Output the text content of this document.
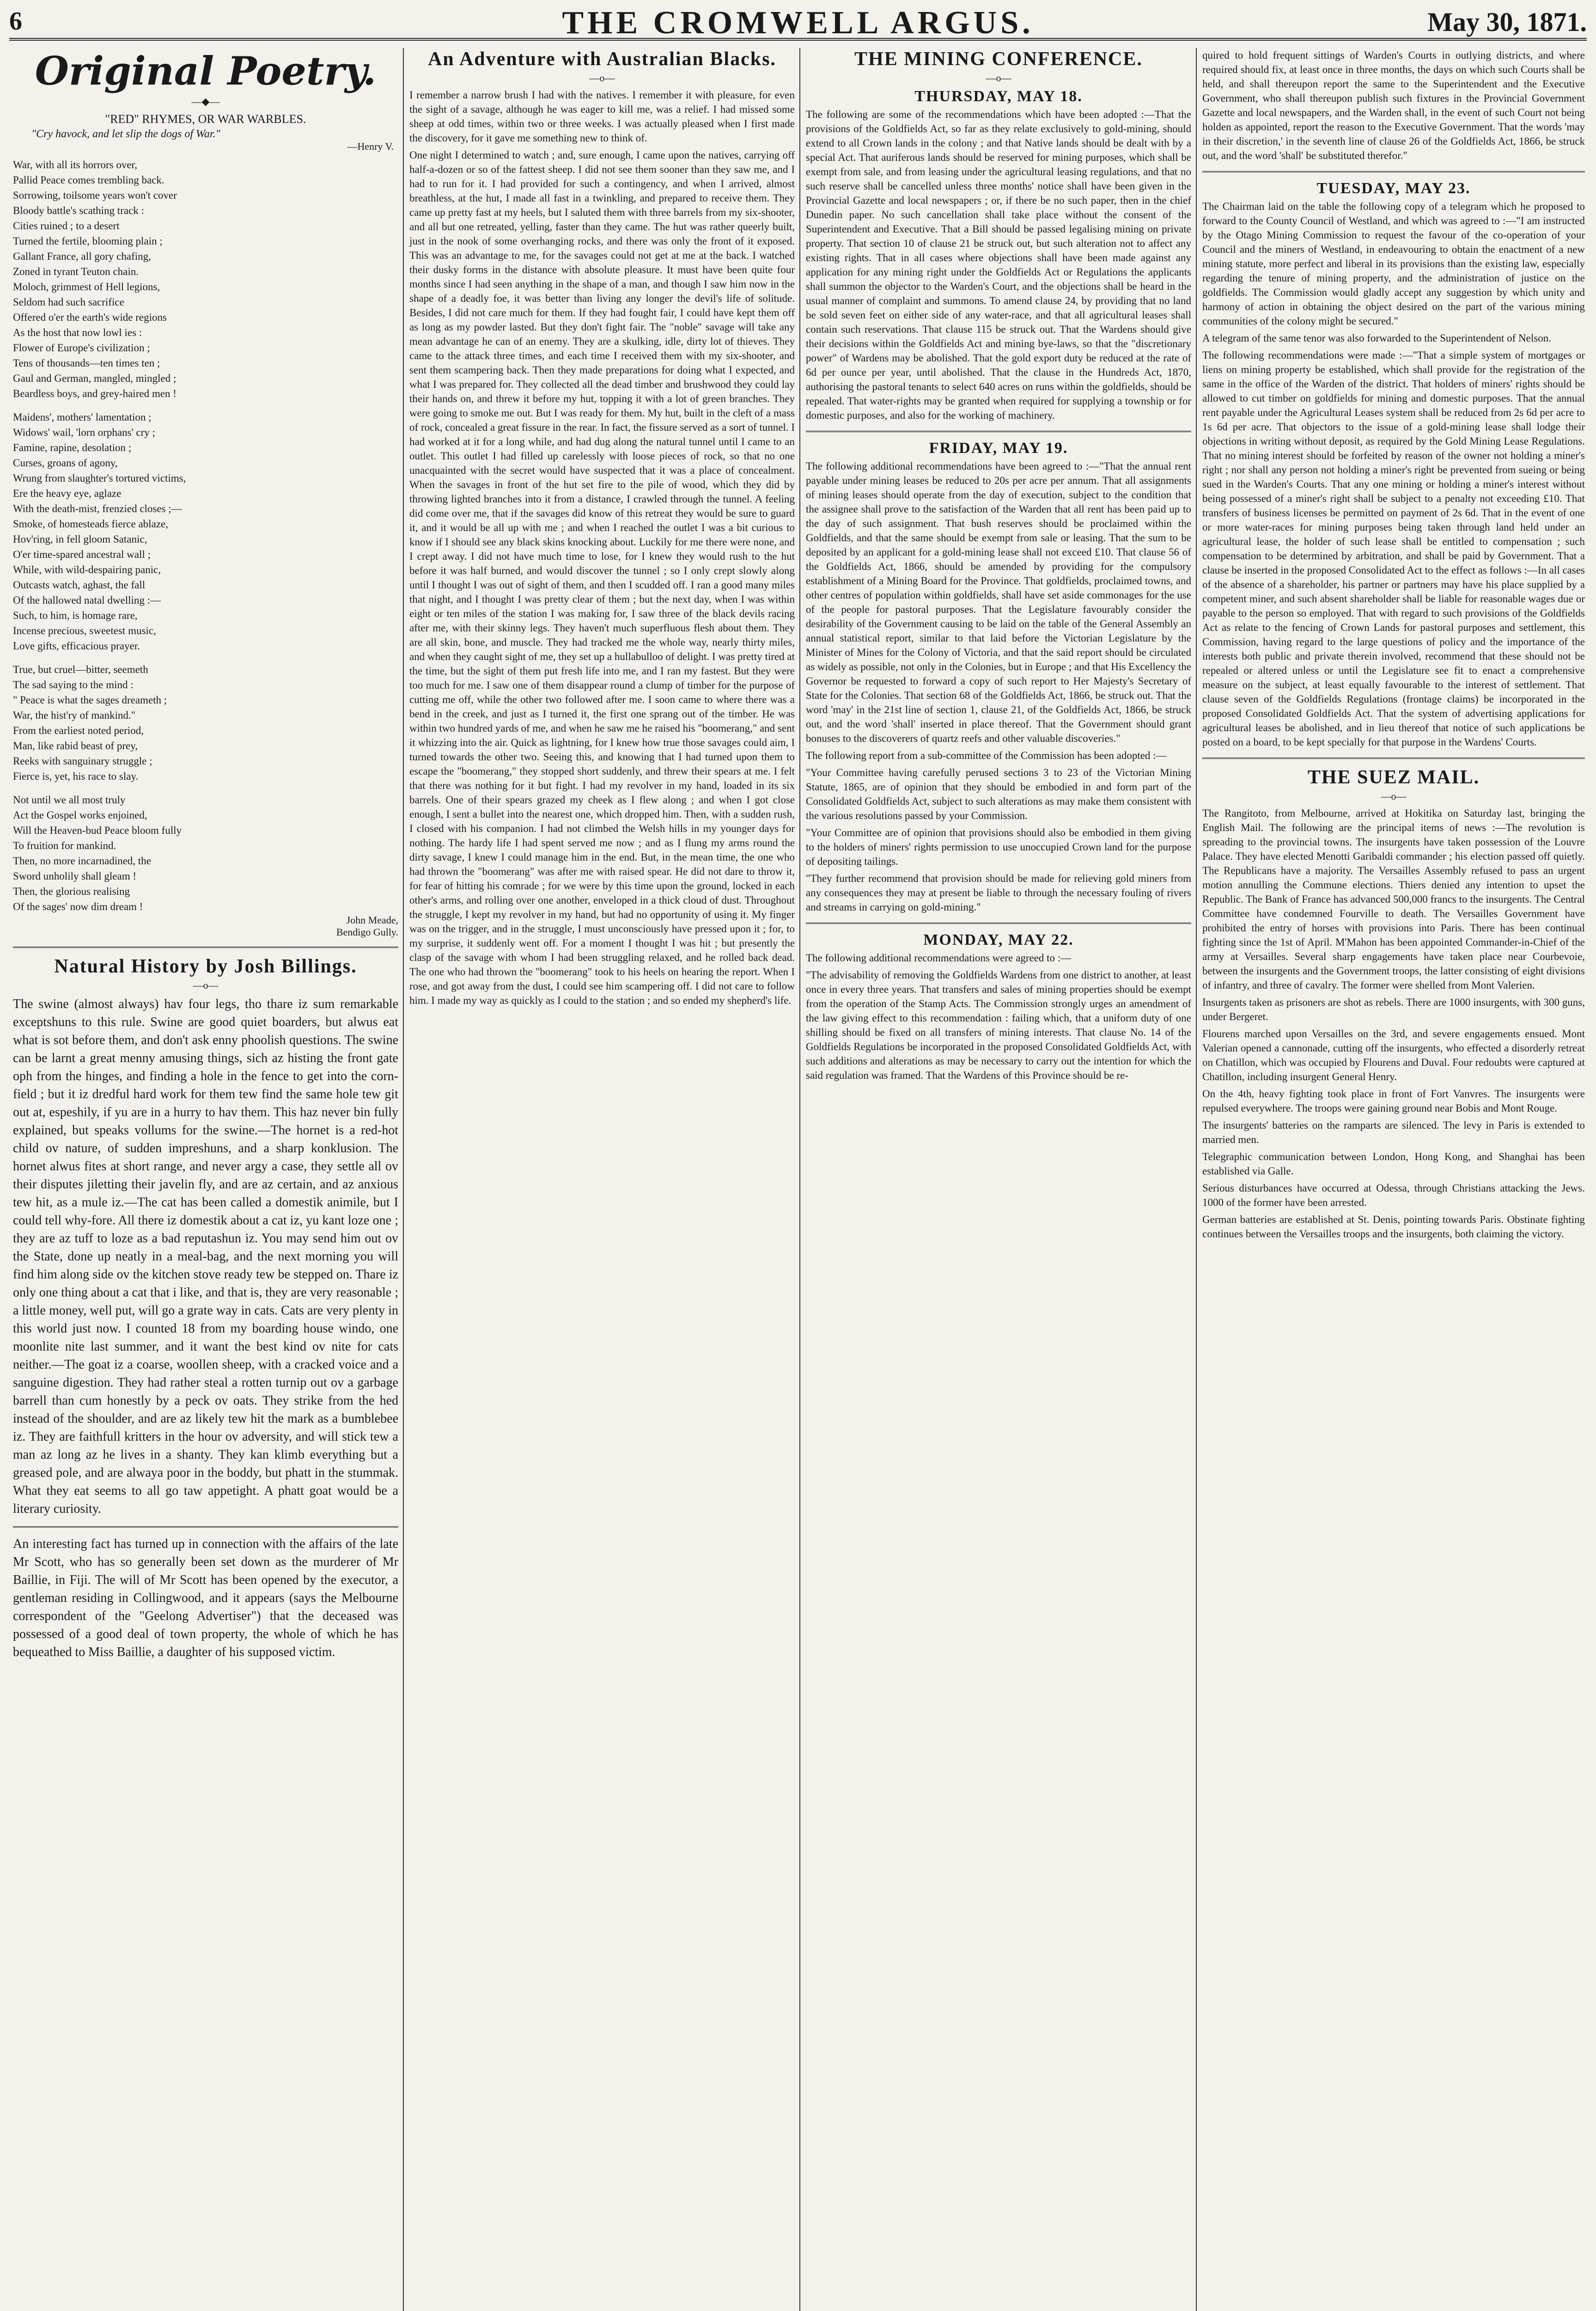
6	THE CROMWELL ARGUS.	May 30, 1871.
Original Poetry.
—◆—
"RED" RHYMES, OR WAR WARBLES.
"Cry havock, and let slip the dogs of War."
—Henry V.
War, with all its horrors over,
Pallid Peace comes trembling back.
Sorrowing, toilsome years won't cover
Bloody battle's scathing track :
Cities ruined ; to a desert
Turned the fertile, blooming plain ;
Gallant France, all gory chafing,
Zoned in tyrant Teuton chain.
Moloch, grimmest of Hell legions,
Seldom had such sacrifice
Offered o'er the earth's wide regions
As the host that now lowl ies :
Flower of Europe's civilization ;
Tens of thousands—ten times ten ;
Gaul and German, mangled, mingled ;
Beardless boys, and grey-haired men !
Maidens', mothers' lamentation ;
Widows' wail, 'lorn orphans' cry ;
Famine, rapine, desolation ;
Curses, groans of agony,
Wrung from slaughter's tortured victims,
Ere the heavy eye, aglaze
With the death-mist, frenzied closes ;—
Smoke, of homesteads fierce ablaze,
Hov'ring, in fell gloom Satanic,
O'er time-spared ancestral wall ;
While, with wild-despairing panic,
Outcasts watch, aghast, the fall
Of the hallowed natal dwelling :—
Such, to him, is homage rare,
Incense precious, sweetest music,
Love gifts, efficacious prayer.
True, but cruel—bitter, seemeth
The sad saying to the mind :
" Peace is what the sages dreameth ;
War, the hist'ry of mankind."
From the earliest noted period,
Man, like rabid beast of prey,
Reeks with sanguinary struggle ;
Fierce is, yet, his race to slay.
Not until we all most truly
Act the Gospel works enjoined,
Will the Heaven-bud Peace bloom fully
To fruition for mankind.
Then, no more incarnadined, the
Sword unholily shall gleam !
Then, the glorious realising
Of the sages' now dim dream !
John Meade,
Bendigo Gully.
Natural History by Josh Billings.
—o—

The swine (almost always) hav four legs, tho thare iz sum remarkable exceptshuns to this rule. Swine are good quiet boarders, but alwus eat what is sot before them, and don't ask enny phoolish questions. The swine can be larnt a great menny amusing things, sich az histing the front gate oph from the hinges, and finding a hole in the fence to get into the corn-field ; but it iz dredful hard work for them tew find the same hole tew git out at, espeshily, if yu are in a hurry to hav them. This haz never bin fully explained, but speaks vollums for the swine.—The hornet is a red-hot child ov nature, of sudden impreshuns, and a sharp konklusion. The hornet alwus fites at short range, and never argy a case, they settle all ov their disputes jiletting their javelin fly, and are az certain, and az anxious tew hit, as a mule iz.—The cat has been called a domestik animile, but I could tell why-fore. All there iz domestik about a cat iz, yu kant loze one ; they are az tuff to loze as a bad reputashun iz. You may send him out ov the State, done up neatly in a meal-bag, and the next morning you will find him along side ov the kitchen stove ready tew be stepped on. Thare iz only one thing about a cat that i like, and that is, they are very reasonable ; a little money, well put, will go a grate way in cats. Cats are very plenty in this world just now. I counted 18 from my boarding house windo, one moonlite nite last summer, and it want the best kind ov nite for cats neither.—The goat iz a coarse, woollen sheep, with a cracked voice and a sanguine digestion. They had rather steal a rotten turnip out ov a garbage barrell than cum honestly by a peck ov oats. They strike from the hed instead of the shoulder, and are az likely tew hit the mark as a bumblebee iz. They are faithfull kritters in the hour ov adversity, and will stick tew a man az long az he lives in a shanty. They kan klimb everything but a greased pole, and are alwaya poor in the boddy, but phatt in the stummak. What they eat seems to all go taw appetight. A phatt goat would be a literary curiosity.

An interesting fact has turned up in connection with the affairs of the late Mr Scott, who has so generally been set down as the murderer of Mr Baillie, in Fiji. The will of Mr Scott has been opened by the executor, a gentleman residing in Collingwood, and it appears (says the Melbourne correspondent of the "Geelong Advertiser") that the deceased was possessed of a good deal of town property, the whole of which he has bequeathed to Miss Baillie, a daughter of his supposed victim.

An Adventure with Australian Blacks.
—o—

I remember a narrow brush I had with the natives. I remember it with pleasure, for even the sight of a savage, although he was eager to kill me, was a relief. I had missed some sheep at odd times, within two or three weeks. I was actually pleased when I first made the discovery, for it gave me something new to think of.

One night I determined to watch ; and, sure enough, I came upon the natives, carrying off half-a-dozen or so of the fattest sheep. I did not see them sooner than they saw me, and I had to run for it. I had provided for such a contingency, and when I arrived, almost breathless, at the hut, I made all fast in a twinkling, and prepared to receive them. They came up pretty fast at my heels, but I saluted them with three barrels from my six-shooter, and all but one retreated, yelling, faster than they came. The hut was rather queerly built, just in the nook of some overhanging rocks, and there was only the front of it exposed. This was an advantage to me, for the savages could not get at me at the back. I watched their dusky forms in the distance with absolute pleasure. It must have been quite four months since I had seen anything in the shape of a man, and though I saw him now in the shape of a deadly foe, it was better than living any longer the devil's life of solitude. Besides, I did not care much for them. If they had fought fair, I could have kept them off as long as my powder lasted. But they don't fight fair. The "noble" savage will take any mean advantage he can of an enemy. They are a skulking, idle, dirty lot of thieves. They came to the attack three times, and each time I received them with my six-shooter, and sent them scampering back. Then they made preparations for doing what I expected, and what I was prepared for. They collected all the dead timber and brushwood they could lay their hands on, and threw it before my hut, topping it with a lot of green branches. They were going to smoke me out. But I was ready for them. My hut, built in the cleft of a mass of rock, concealed a great fissure in the rear. In fact, the fissure served as a sort of tunnel. I had worked at it for a long while, and had dug along the natural tunnel until I came to an outlet. This outlet I had filled up carelessly with loose pieces of rock, so that no one unacquainted with the secret would have suspected that it was a place of concealment. When the savages in front of the hut set fire to the pile of wood, which they did by throwing lighted branches into it from a distance, I crawled through the tunnel. A feeling did come over me, that if the savages did know of this retreat they would be sure to guard it, and it would be all up with me ; and when I reached the outlet I was a bit curious to know if I should see any black skins knocking about. Luckily for me there were none, and I crept away. I did not have much time to lose, for I knew they would rush to the hut before it was half burned, and would discover the tunnel ; so I only crept slowly along until I thought I was out of sight of them, and then I scudded off. I ran a good many miles that night, and I thought I was pretty clear of them ; but the next day, when I was within eight or ten miles of the station I was making for, I saw three of the black devils racing after me, with their skinny legs. They haven't much superfluous flesh about them. They are all skin, bone, and muscle. They had tracked me the whole way, nearly thirty miles, and when they caught sight of me, they set up a hullabulloo of delight. I was pretty tired at the time, but the sight of them put fresh life into me, and I ran my fastest. But they were too much for me. I saw one of them disappear round a clump of timber for the purpose of cutting me off, while the other two followed after me. I soon came to where there was a bend in the creek, and just as I turned it, the first one sprang out of the timber. He was within two hundred yards of me, and when he saw me he raised his "boomerang," and sent it whizzing into the air. Quick as lightning, for I knew how true those savages could aim, I turned towards the other two. Seeing this, and knowing that I had turned upon them to escape the "boomerang," they stopped short suddenly, and threw their spears at me. I felt that there was nothing for it but fight. I had my revolver in my hand, loaded in its six barrels. One of their spears grazed my cheek as I flew along ; and when I got close enough, I sent a bullet into the nearest one, which dropped him. Then, with a sudden rush, I closed with his companion. I had not climbed the Welsh hills in my younger days for nothing. The hardy life I had spent served me now ; and as I flung my arms round the dirty savage, I knew I could manage him in the end. But, in the mean time, the one who had thrown the "boomerang" was after me with raised spear. He did not dare to throw it, for fear of hitting his comrade ; for we were by this time upon the ground, locked in each other's arms, and rolling over one another, enveloped in a thick cloud of dust. Throughout the struggle, I kept my revolver in my hand, but had no opportunity of using it. My finger was on the trigger, and in the struggle, I must unconsciously have pressed upon it ; for, to my surprise, it suddenly went off. For a moment I thought I was hit ; but presently the clasp of the savage with whom I had been struggling relaxed, and he rolled back dead. The one who had thrown the "boomerang" took to his heels on hearing the report. When I rose, and got away from the dust, I could see him scampering off. I did not care to follow him. I made my way as quickly as I could to the station ; and so ended my shepherd's life.

THE MINING CONFERENCE.
—o—
THURSDAY, MAY 18.

The following are some of the recommendations which have been adopted :—That the provisions of the Goldfields Act, so far as they relate exclusively to gold-mining, should extend to all Crown lands in the colony ; and that Native lands should be dealt with by a special Act. That auriferous lands should be reserved for mining purposes, which shall be exempt from sale, and from leasing under the agricultural leasing regulations, and that no such reserve shall be cancelled unless three months' notice shall have been given in the Provincial Gazette and local newspapers ; or, if there be no such paper, then in the chief Dunedin paper. No such cancellation shall take place without the consent of the Superintendent and Executive. That a Bill should be passed legalising mining on private property. That section 10 of clause 21 be struck out, but such alteration not to affect any existing rights. That in all cases where objections shall have been made against any application for any mining right under the Goldfields Act or Regulations the applicants shall summon the objector to the Warden's Court, and the objections shall be heard in the usual manner of complaint and summons. To amend clause 24, by providing that no land be sold seven feet on either side of any water-race, and that all agricultural leases shall contain such reservations. That clause 115 be struck out. That the Wardens should give their decisions within the Goldfields Act and mining bye-laws, so that the "discretionary power" of Wardens may be abolished. That the gold export duty be reduced at the rate of 6d per ounce per year, until abolished. That the clause in the Hundreds Act, 1870, authorising the pastoral tenants to select 640 acres on runs within the goldfields, should be repealed. That water-rights may be granted when required for supplying a township or for domestic purposes, and also for the working of machinery.

FRIDAY, MAY 19.

The following additional recommendations have been agreed to :—"That the annual rent payable under mining leases be reduced to 20s per acre per annum. That all assignments of mining leases should operate from the day of execution, subject to the condition that the assignee shall prove to the satisfaction of the Warden that all rent has been paid up to the day of such assignment. That bush reserves should be proclaimed within the Goldfields, and that the same should be exempt from sale or leasing. That the sum to be deposited by an applicant for a gold-mining lease shall not exceed £10. That clause 56 of the Goldfields Act, 1866, should be amended by providing for the compulsory establishment of a Mining Board for the Province. That goldfields, proclaimed towns, and other centres of population within goldfields, shall have set aside commonages for the use of the people for pastoral purposes. That the Legislature favourably consider the desirability of the Government causing to be laid on the table of the General Assembly an annual statistical report, similar to that laid before the Victorian Legislature by the Minister of Mines for the Colony of Victoria, and that the said report should be circulated as widely as possible, not only in the Colonies, but in Europe ; and that His Excellency the Governor be requested to forward a copy of such report to Her Majesty's Secretary of State for the Colonies. That section 68 of the Goldfields Act, 1866, be struck out. That the word 'may' in the 21st line of section 1, clause 21, of the Goldfields Act, 1866, be struck out, and the word 'shall' inserted in place thereof. That the Government should grant bonuses to the discoverers of quartz reefs and other valuable discoveries."

The following report from a sub-committee of the Commission has been adopted :—

"Your Committee having carefully perused sections 3 to 23 of the Victorian Mining Statute, 1865, are of opinion that they should be embodied in and form part of the Consolidated Goldfields Act, subject to such alterations as may make them consistent with the various resolutions passed by your Commission.

"Your Committee are of opinion that provisions should also be embodied in them giving to the holders of miners' rights permission to use unoccupied Crown land for the purpose of depositing tailings.

"They further recommend that provision should be made for relieving gold miners from any consequences they may at present be liable to through the necessary fouling of rivers and streams in carrying on gold-mining."

MONDAY, MAY 22.

The following additional recommendations were agreed to :—

"The advisability of removing the Goldfields Wardens from one district to another, at least once in every three years. That transfers and sales of mining properties should be exempt from the operation of the Stamp Acts. The Commission strongly urges an amendment of the law giving effect to this recommendation : failing which, that a uniform duty of one shilling should be fixed on all transfers of mining interests. That clause No. 14 of the Goldfields Regulations be incorporated in the proposed Consolidated Goldfields Act, with such additions and alterations as may be necessary to carry out the intention for which the said regulation was framed. That the Wardens of this Province should be re-

quired to hold frequent sittings of Warden's Courts in outlying districts, and where required should fix, at least once in three months, the days on which such Courts shall be held, and shall thereupon report the same to the Superintendent and the Executive Government, who shall thereupon publish such fixtures in the Provincial Government Gazette and local newspapers, and the Warden shall, in the event of such Court not being holden as appointed, report the reason to the Executive Government. That the words 'may in their discretion,' in the seventh line of clause 26 of the Goldfields Act, 1866, be struck out, and the word 'shall' be substituted therefor."

TUESDAY, MAY 23.

The Chairman laid on the table the following copy of a telegram which he proposed to forward to the County Council of Westland, and which was agreed to :—"I am instructed by the Otago Mining Commission to request the favour of the co-operation of your Council and the miners of Westland, in endeavouring to obtain the enactment of a new mining statute, more perfect and liberal in its provisions than the existing law, especially regarding the tenure of mining property, and the administration of justice on the goldfields. The Commission would gladly accept any suggestion by which unity and harmony of action in obtaining the object desired on the part of the various mining communities of the colony might be secured."

A telegram of the same tenor was also forwarded to the Superintendent of Nelson.

The following recommendations were made :—"That a simple system of mortgages or liens on mining property be established, which shall provide for the registration of the same in the office of the Warden of the district. That holders of miners' rights should be allowed to cut timber on goldfields for mining and domestic purposes. That the annual rent payable under the Agricultural Leases system shall be reduced from 2s 6d per acre to 1s 6d per acre. That objectors to the issue of a gold-mining lease shall lodge their objections in writing without deposit, as required by the Gold Mining Lease Regulations. That no mining interest should be forfeited by reason of the owner not holding a miner's right ; nor shall any person not holding a miner's right be prevented from sueing or being sued in the Warden's Courts. That any one mining or holding a miner's interest without being possessed of a miner's right shall be subject to a penalty not exceeding £10. That transfers of business licenses be permitted on payment of 2s 6d. That in the event of one or more water-races for mining purposes being taken through land held under an agricultural lease, the holder of such lease shall be entitled to compensation ; such compensation to be determined by arbitration, and shall be paid by Government. That a clause be inserted in the proposed Consolidated Act to the effect as follows :—In all cases of the absence of a shareholder, his partner or partners may have his place supplied by a competent miner, and such absent shareholder shall be liable for reasonable wages due or payable to the person so employed. That with regard to such provisions of the Goldfields Act as relate to the fencing of Crown Lands for pastoral purposes and settlement, this Commission, having regard to the large questions of policy and the importance of the interests both public and private therein involved, recommend that these should not be repealed or altered unless or until the Legislature see fit to enact a comprehensive measure on the subject, at least equally favourable to the interest of settlement. That clause seven of the Goldfields Regulations (frontage claims) be incorporated in the proposed Consolidated Goldfields Act. That the system of advertising applications for agricultural leases be abolished, and in lieu thereof that notice of such applications be posted on a board, to be kept specially for that purpose in the Wardens' Courts.

THE SUEZ MAIL.
—o—

The Rangitoto, from Melbourne, arrived at Hokitika on Saturday last, bringing the English Mail. The following are the principal items of news :—The revolution is spreading to the provincial towns. The insurgents have taken possession of the Louvre Palace. They have elected Menotti Garibaldi commander ; his election passed off quietly. The Republicans have a majority. The Versailles Assembly refused to pass an urgent motion annulling the Commune elections. Thiers denied any intention to upset the Republic. The Bank of France has advanced 500,000 francs to the insurgents. The Central Committee have condemned Fourville to death. The Versailles Government have prohibited the entry of horses with provisions into Paris. There has been continual fighting since the 1st of April. M'Mahon has been appointed Commander-in-Chief of the army at Versailles. Several sharp engagements have taken place near Courbevoie, between the insurgents and the Government troops, the latter consisting of eight divisions of infantry, and three of cavalry. The former were shelled from Mont Valerien.

Insurgents taken as prisoners are shot as rebels. There are 1000 insurgents, with 300 guns, under Bergeret.

Flourens marched upon Versailles on the 3rd, and severe engagements ensued. Mont Valerian opened a cannonade, cutting off the insurgents, who effected a disorderly retreat on Chatillon, which was occupied by Flourens and Duval. Four redoubts were captured at Chatillon, including insurgent General Henry.

On the 4th, heavy fighting took place in front of Fort Vanvres. The insurgents were repulsed everywhere. The troops were gaining ground near Bobis and Mont Rouge.

The insurgents' batteries on the ramparts are silenced. The levy in Paris is extended to married men.

Telegraphic communication between London, Hong Kong, and Shanghai has been established via Galle.

Serious disturbances have occurred at Odessa, through Christians attacking the Jews. 1000 of the former have been arrested.

German batteries are established at St. Denis, pointing towards Paris. Obstinate fighting continues between the Versailles troops and the insurgents, both claiming the victory.
